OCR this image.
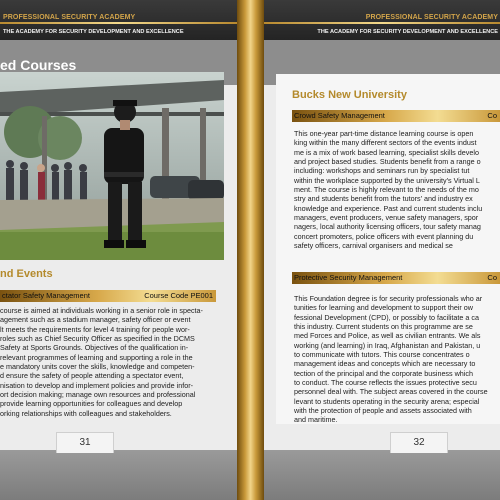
PROFESSIONAL SECURITY ACADEMY
THE ACADEMY FOR SECURITY DEVELOPMENT AND EXCELLENCE
ed Courses
nd Events
ctator Safety Management	Course Code PE001
course is aimed at individuals working in a senior role in specta-
agement such as a stadium manager, safety officer or event
lt meets the requirements for level 4 training for people wor-
roles such as Chief Security Officer as specified in the DCMS
Safety at Sports Grounds. Objectives of the qualification in-
relevant programmes of learning and supporting a role in the
e mandatory units cover the skills, knowledge and competen-
d ensure the safety of people attending a spectator event,
nisation to develop and implement policies and provide infor-
ort decision making; manage own resources and professional
provide learning opportunities for colleagues and develop
orking relationships with colleagues and stakeholders.
31
PROFESSIONAL SECURITY ACADEMY
THE ACADEMY FOR SECURITY DEVELOPMENT AND EXCELLENCE
Bucks New University
Crowd Safety Management	Co
This one-year part-time distance learning course is open
king within the many different sectors of the events indust
me is a mix of work based learning, specialist skills develo
and project based studies. Students benefit from a range o
including: workshops and seminars run by specialist tut
within the workplace supported by the university's Virtual L
ment. The course is highly relevant to the needs of the mo
stry and students benefit from the tutors' and industry ex
knowledge and experience. Past and current students inclu
managers, event producers, venue safety managers, spor
nagers, local authority licensing officers, tour safety manag
concert promoters, police officers with event planning du
safety officers, carnival organisers and medical se
Protective Security Management	Co
This Foundation degree is for security professionals who ar
tunities for learning and development to support their ow
fessional Development (CPD), or possibly to facilitate a ca
this industry. Current students on this programme are se
med Forces and Police, as well as civilian entrants. We als
working (and learning) in Iraq, Afghanistan and Pakistan, u
to communicate with tutors. This course concentrates o
management ideas and concepts which are necessary to
tection of the principal and the corporate business which
to conduct. The course reflects the issues protective secu
personnel deal with. The subject areas covered in the course
levant to students operating in the security arena; especial
with the protection of people and assets associated with
and maritime.
32
